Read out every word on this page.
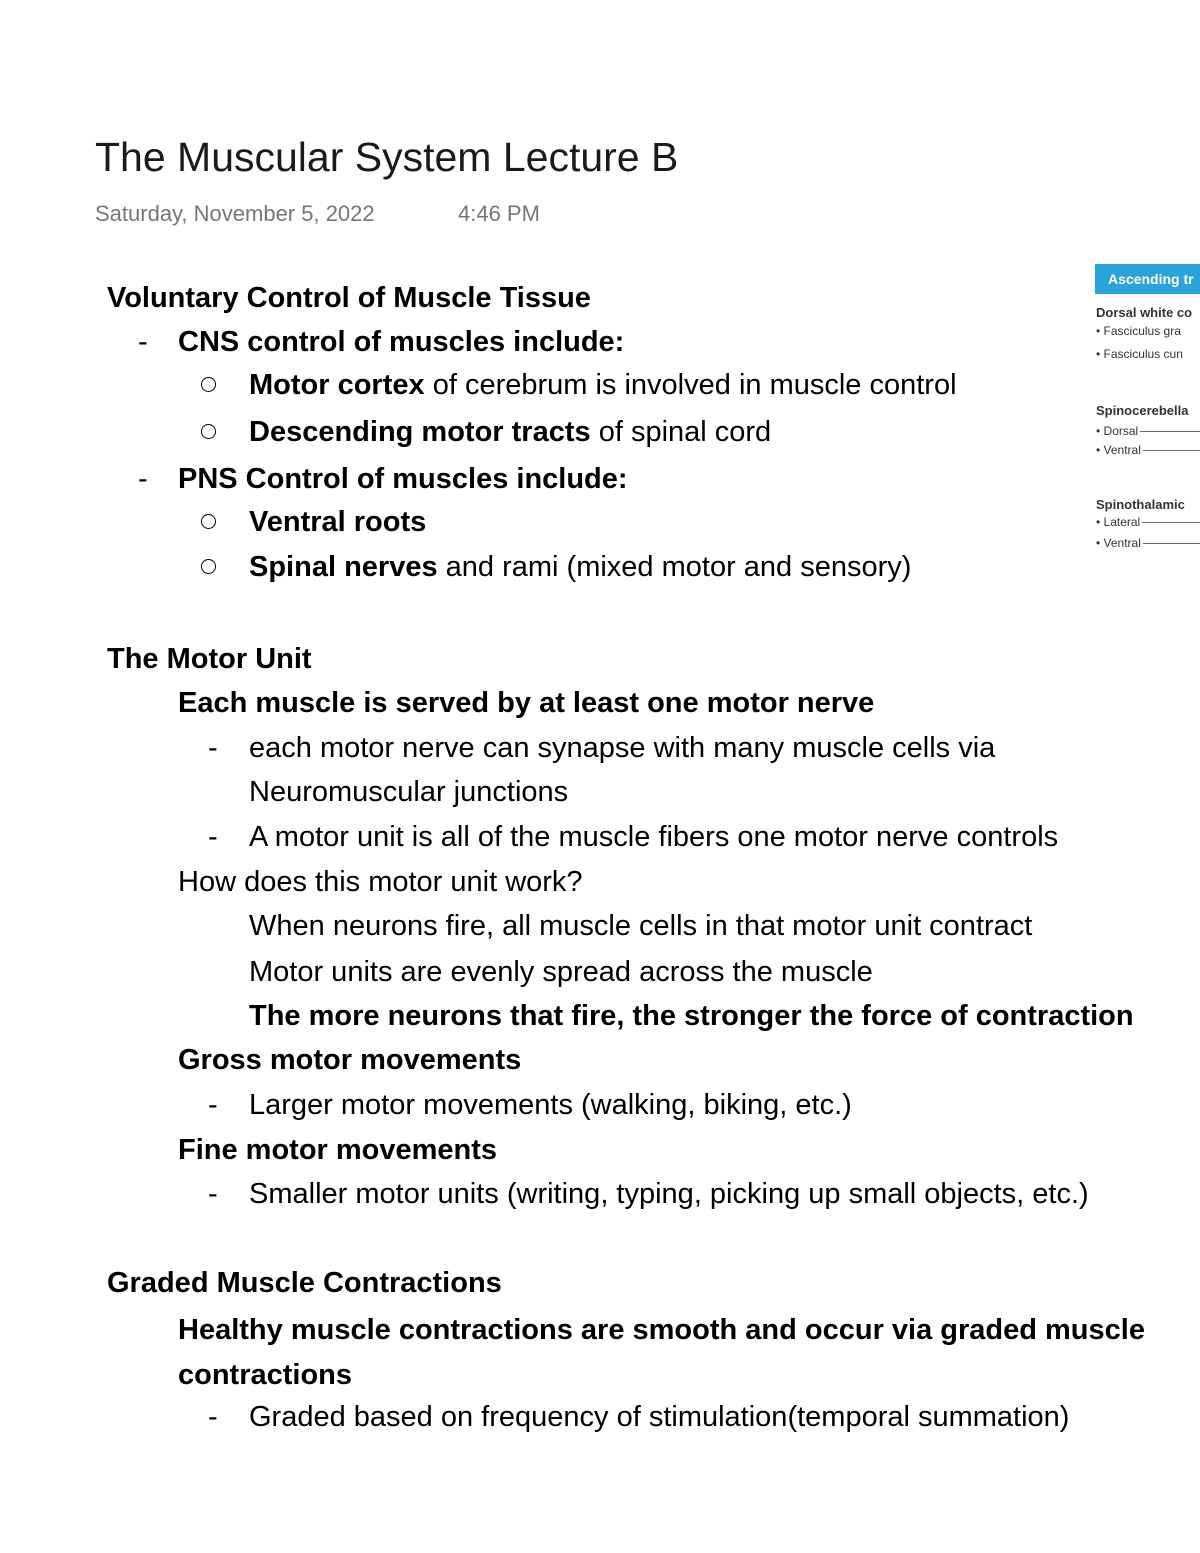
The Muscular System Lecture B
Saturday, November 5, 2022	4:46 PM
Ascending tr
Dorsal white co
• Fasciculus gra
• Fasciculus cun
Spinocerebella
• Dorsal
• Ventral
Spinothalamic
• Lateral
• Ventral
Voluntary Control of Muscle Tissue
- CNS control of muscles include:
Motor cortex of cerebrum is involved in muscle control
Descending motor tracts of spinal cord
- PNS Control of muscles include:
Ventral roots
Spinal nerves and rami (mixed motor and sensory)
The Motor Unit
Each muscle is served by at least one motor nerve
- each motor nerve can synapse with many muscle cells via
Neuromuscular junctions
- A motor unit is all of the muscle fibers one motor nerve controls
How does this motor unit work?
When neurons fire, all muscle cells in that motor unit contract
Motor units are evenly spread across the muscle
The more neurons that fire, the stronger the force of contraction
Gross motor movements
- Larger motor movements (walking, biking, etc.)
Fine motor movements
- Smaller motor units (writing, typing, picking up small objects, etc.)
Graded Muscle Contractions
Healthy muscle contractions are smooth and occur via graded muscle
contractions
- Graded based on frequency of stimulation(temporal summation)
